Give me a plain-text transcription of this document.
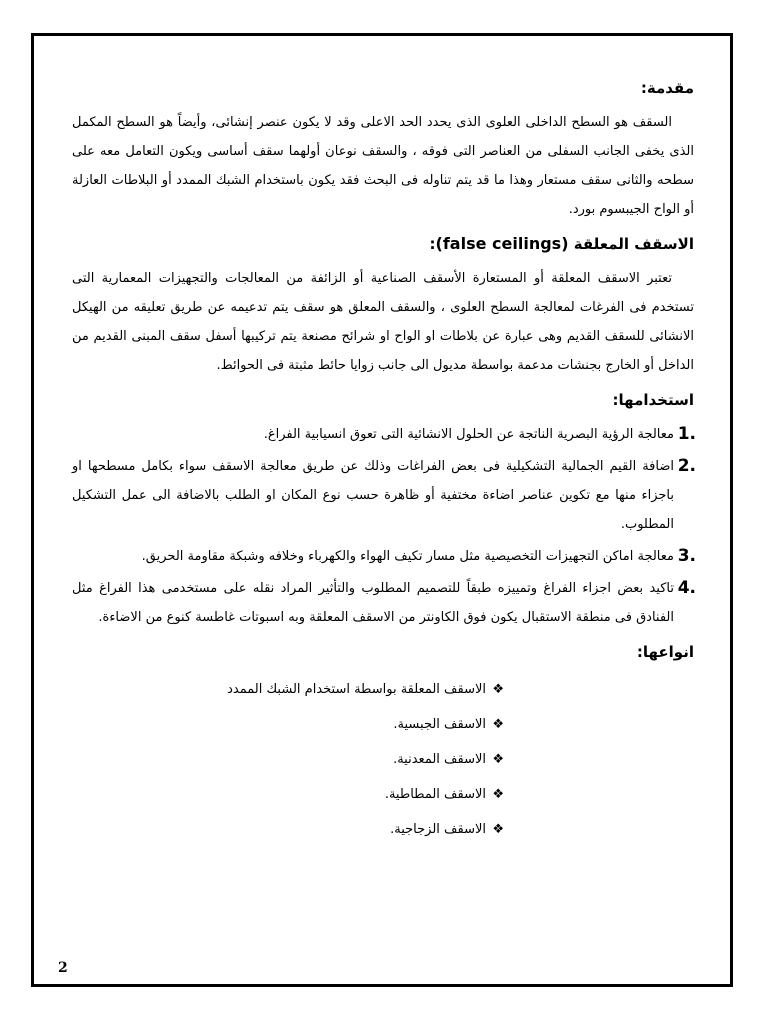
مقدمة:

السقف هو السطح الداخلى العلوى الذى يحدد الحد الاعلى وقد لا يكون عنصر إنشائى، وأيضاً هو السطح المكمل الذى يخفى الجانب السفلى من العناصر التى فوقه ، والسقف نوعان أولهما سقف أساسى ويكون التعامل معه على سطحه والثانى سقف مستعار وهذا ما قد يتم تناوله فى البحث فقد يكون باستخدام الشبك الممدد أو البلاطات العازلة أو الواح الجيبسوم بورد.

الاسقف المعلقة (false ceilings):

تعتبر الاسقف المعلقة أو المستعارة الأسقف الصناعية أو الزائفة من المعالجات والتجهيزات المعمارية التى تستخدم فى الفرغات لمعالجة السطح العلوى ، والسقف المعلق هو سقف يتم تدعيمه عن طريق تعليقه من الهيكل الانشائى للسقف القديم وهى عبارة عن بلاطات او الواح او شرائح مصنعة يتم تركيبها أسفل سقف المبنى القديم من الداخل أو الخارج بجنشات مدعمة بواسطة مديول الى جانب زوايا حائط مثبتة فى الحوائط.

استخدامها:
1.
معالجة الرؤية البصرية الناتجة عن الحلول الانشائية التى تعوق انسيابية الفراغ.
2.
اضافة القيم الجمالية التشكيلية فى بعض الفراغات وذلك عن طريق معالجة الاسقف سواء بكامل مسطحها او باجزاء منها مع تكوين عناصر اضاءة مختفية أو ظاهرة حسب نوع المكان او الطلب بالاضافة الى عمل التشكيل المطلوب.
3.
معالجة اماكن التجهيزات التخصيصية مثل مسار تكيف الهواء والكهرباء وخلافه وشبكة مقاومة الحريق.
4.
تاكيد بعض اجزاء الفراغ وتمييزه طبقاً للتصميم المطلوب والتأثير المراد نقله على مستخدمى هذا الفراغ مثل الفنادق فى منطقة الاستقبال يكون فوق الكاونتر من الاسقف المعلقة وبه اسبوتات غاطسة كنوع من الاضاءة.
انواعها:
❖الاسقف المعلقة بواسطة استخدام الشبك الممدد
❖الاسقف الجبسية.
❖الاسقف المعدنية.
❖الاسقف المطاطية.
❖الاسقف الزجاجية.
2
